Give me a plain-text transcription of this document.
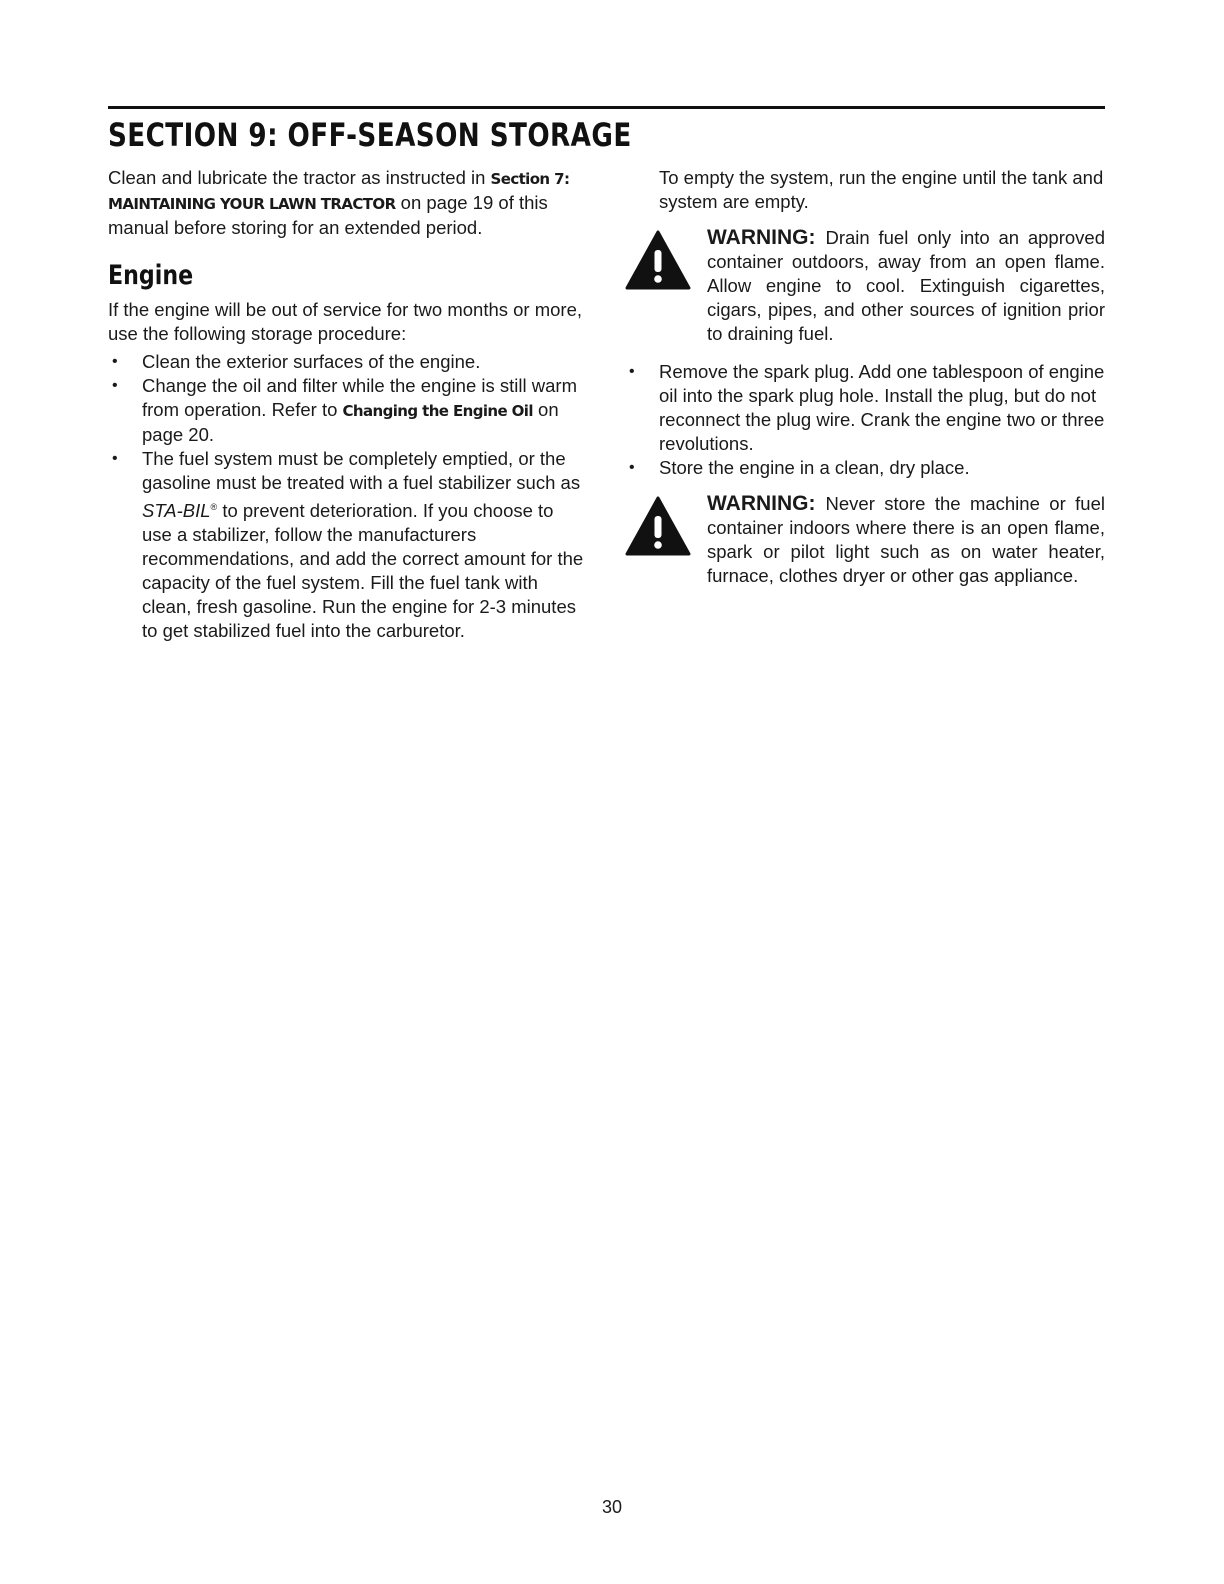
SECTION 9: OFF-SEASON STORAGE

Clean and lubricate the tractor as instructed in Section 7: MAINTAINING YOUR LAWN TRACTOR on page 19 of this manual before storing for an extended period.

Engine

If the engine will be out of service for two months or more, use the following storage procedure:

• Clean the exterior surfaces of the engine.
• Change the oil and filter while the engine is still warm from operation. Refer to Changing the Engine Oil on page 20.
• The fuel system must be completely emptied, or the gasoline must be treated with a fuel stabilizer such as STA-BIL® to prevent deterioration. If you choose to use a stabilizer, follow the manufacturers recommendations, and add the correct amount for the capacity of the fuel system. Fill the fuel tank with clean, fresh gasoline. Run the engine for 2-3 minutes to get stabilized fuel into the carburetor.

To empty the system, run the engine until the tank and system are empty.

WARNING: Drain fuel only into an approved container outdoors, away from an open flame. Allow engine to cool. Extinguish cigarettes, cigars, pipes, and other sources of ignition prior to draining fuel.

• Remove the spark plug. Add one tablespoon of engine oil into the spark plug hole. Install the plug, but do not reconnect the plug wire. Crank the engine two or three revolutions.
• Store the engine in a clean, dry place.

WARNING: Never store the machine or fuel container indoors where there is an open flame, spark or pilot light such as on water heater, furnace, clothes dryer or other gas appliance.

30
